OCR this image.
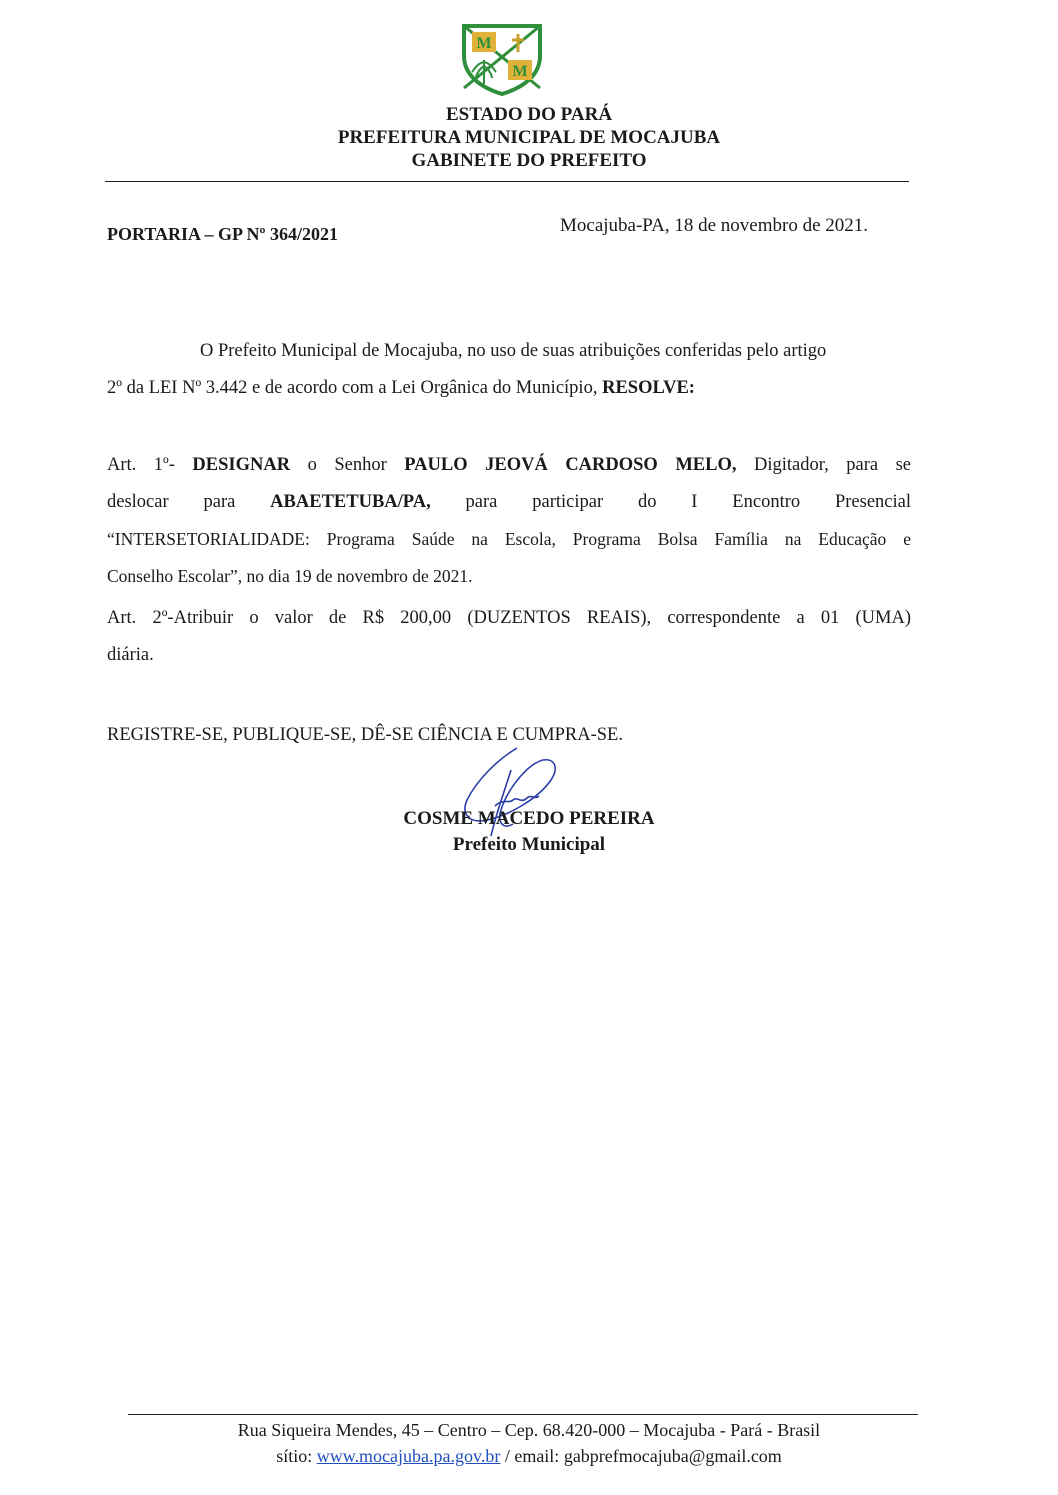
M
M
ESTADO DO PARÁ
PREFEITURA MUNICIPAL DE MOCAJUBA
GABINETE DO PREFEITO
PORTARIA – GP Nº 364/2021	Mocajuba-PA, 18 de novembro de 2021.
O Prefeito Municipal de Mocajuba, no uso de suas atribuições conferidas pelo artigo
2º da LEI Nº 3.442 e de acordo com a Lei Orgânica do Município, RESOLVE:
Art. 1º- DESIGNAR o Senhor PAULO JEOVÁ CARDOSO MELO, Digitador, para se
deslocar para ABAETETUBA/PA, para participar do I Encontro Presencial
“INTERSETORIALIDADE: Programa Saúde na Escola, Programa Bolsa Família na Educação e
Conselho Escolar”, no dia 19 de novembro de 2021.
Art. 2º-Atribuir o valor de R$ 200,00 (DUZENTOS REAIS), correspondente a 01 (UMA)
diária.
REGISTRE-SE, PUBLIQUE-SE, DÊ-SE CIÊNCIA E CUMPRA-SE.
COSME MACEDO PEREIRA
Prefeito Municipal
Rua Siqueira Mendes, 45 – Centro – Cep. 68.420-000 – Mocajuba - Pará - Brasil
sítio: www.mocajuba.pa.gov.br / email: gabprefmocajuba@gmail.com
